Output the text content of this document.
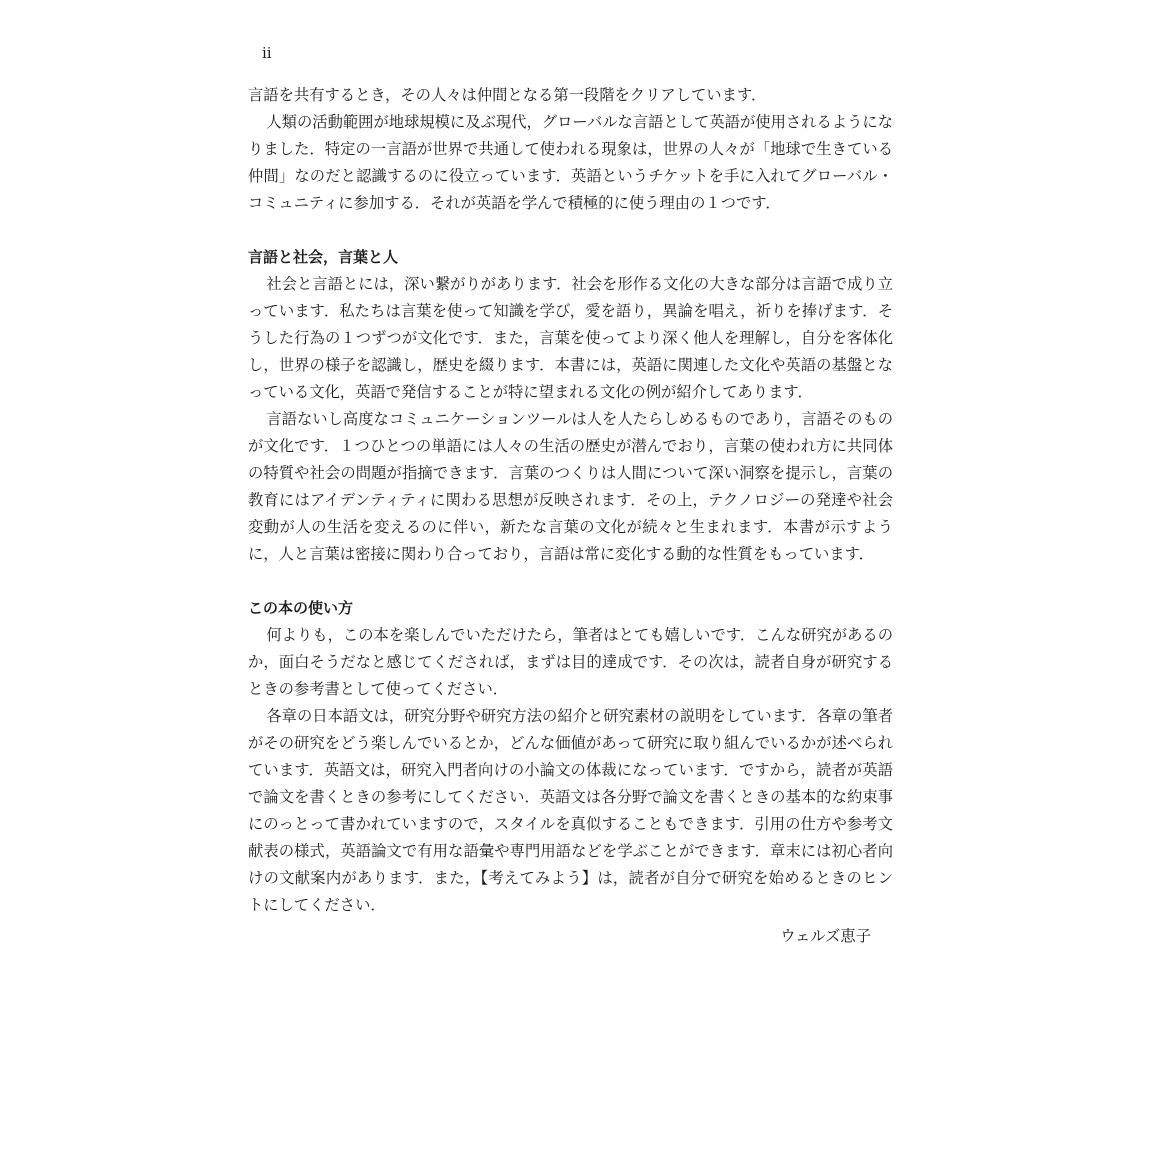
ii

言語を共有するとき，その人々は仲間となる第一段階をクリアしています．

人類の活動範囲が地球規模に及ぶ現代，グローバルな言語として英語が使用されるようになりました．特定の一言語が世界で共通して使われる現象は，世界の人々が「地球で生きている仲間」なのだと認識するのに役立っています．英語というチケットを手に入れてグローバル・コミュニティに参加する．それが英語を学んで積極的に使う理由の１つです．

言語と社会，言葉と人

社会と言語とには，深い繋がりがあります．社会を形作る文化の大きな部分は言語で成り立っています．私たちは言葉を使って知識を学び，愛を語り，異論を唱え，祈りを捧げます．そうした行為の１つずつが文化です．また，言葉を使ってより深く他人を理解し，自分を客体化し，世界の様子を認識し，歴史を綴ります．本書には，英語に関連した文化や英語の基盤となっている文化，英語で発信することが特に望まれる文化の例が紹介してあります．

言語ないし高度なコミュニケーションツールは人を人たらしめるものであり，言語そのものが文化です．１つひとつの単語には人々の生活の歴史が潜んでおり，言葉の使われ方に共同体の特質や社会の問題が指摘できます．言葉のつくりは人間について深い洞察を提示し，言葉の教育にはアイデンティティに関わる思想が反映されます．その上，テクノロジーの発達や社会変動が人の生活を変えるのに伴い，新たな言葉の文化が続々と生まれます．本書が示すように，人と言葉は密接に関わり合っており，言語は常に変化する動的な性質をもっています．

この本の使い方

何よりも，この本を楽しんでいただけたら，筆者はとても嬉しいです．こんな研究があるのか，面白そうだなと感じてくだされば，まずは目的達成です．その次は，読者自身が研究するときの参考書として使ってください．

各章の日本語文は，研究分野や研究方法の紹介と研究素材の説明をしています．各章の筆者がその研究をどう楽しんでいるとか，どんな価値があって研究に取り組んでいるかが述べられています．英語文は，研究入門者向けの小論文の体裁になっています．ですから，読者が英語で論文を書くときの参考にしてください．英語文は各分野で論文を書くときの基本的な約束事にのっとって書かれていますので，スタイルを真似することもできます．引用の仕方や参考文献表の様式，英語論文で有用な語彙や専門用語などを学ぶことができます．章末には初心者向けの文献案内があります．また，【考えてみよう】は，読者が自分で研究を始めるときのヒントにしてください．

ウェルズ恵子
